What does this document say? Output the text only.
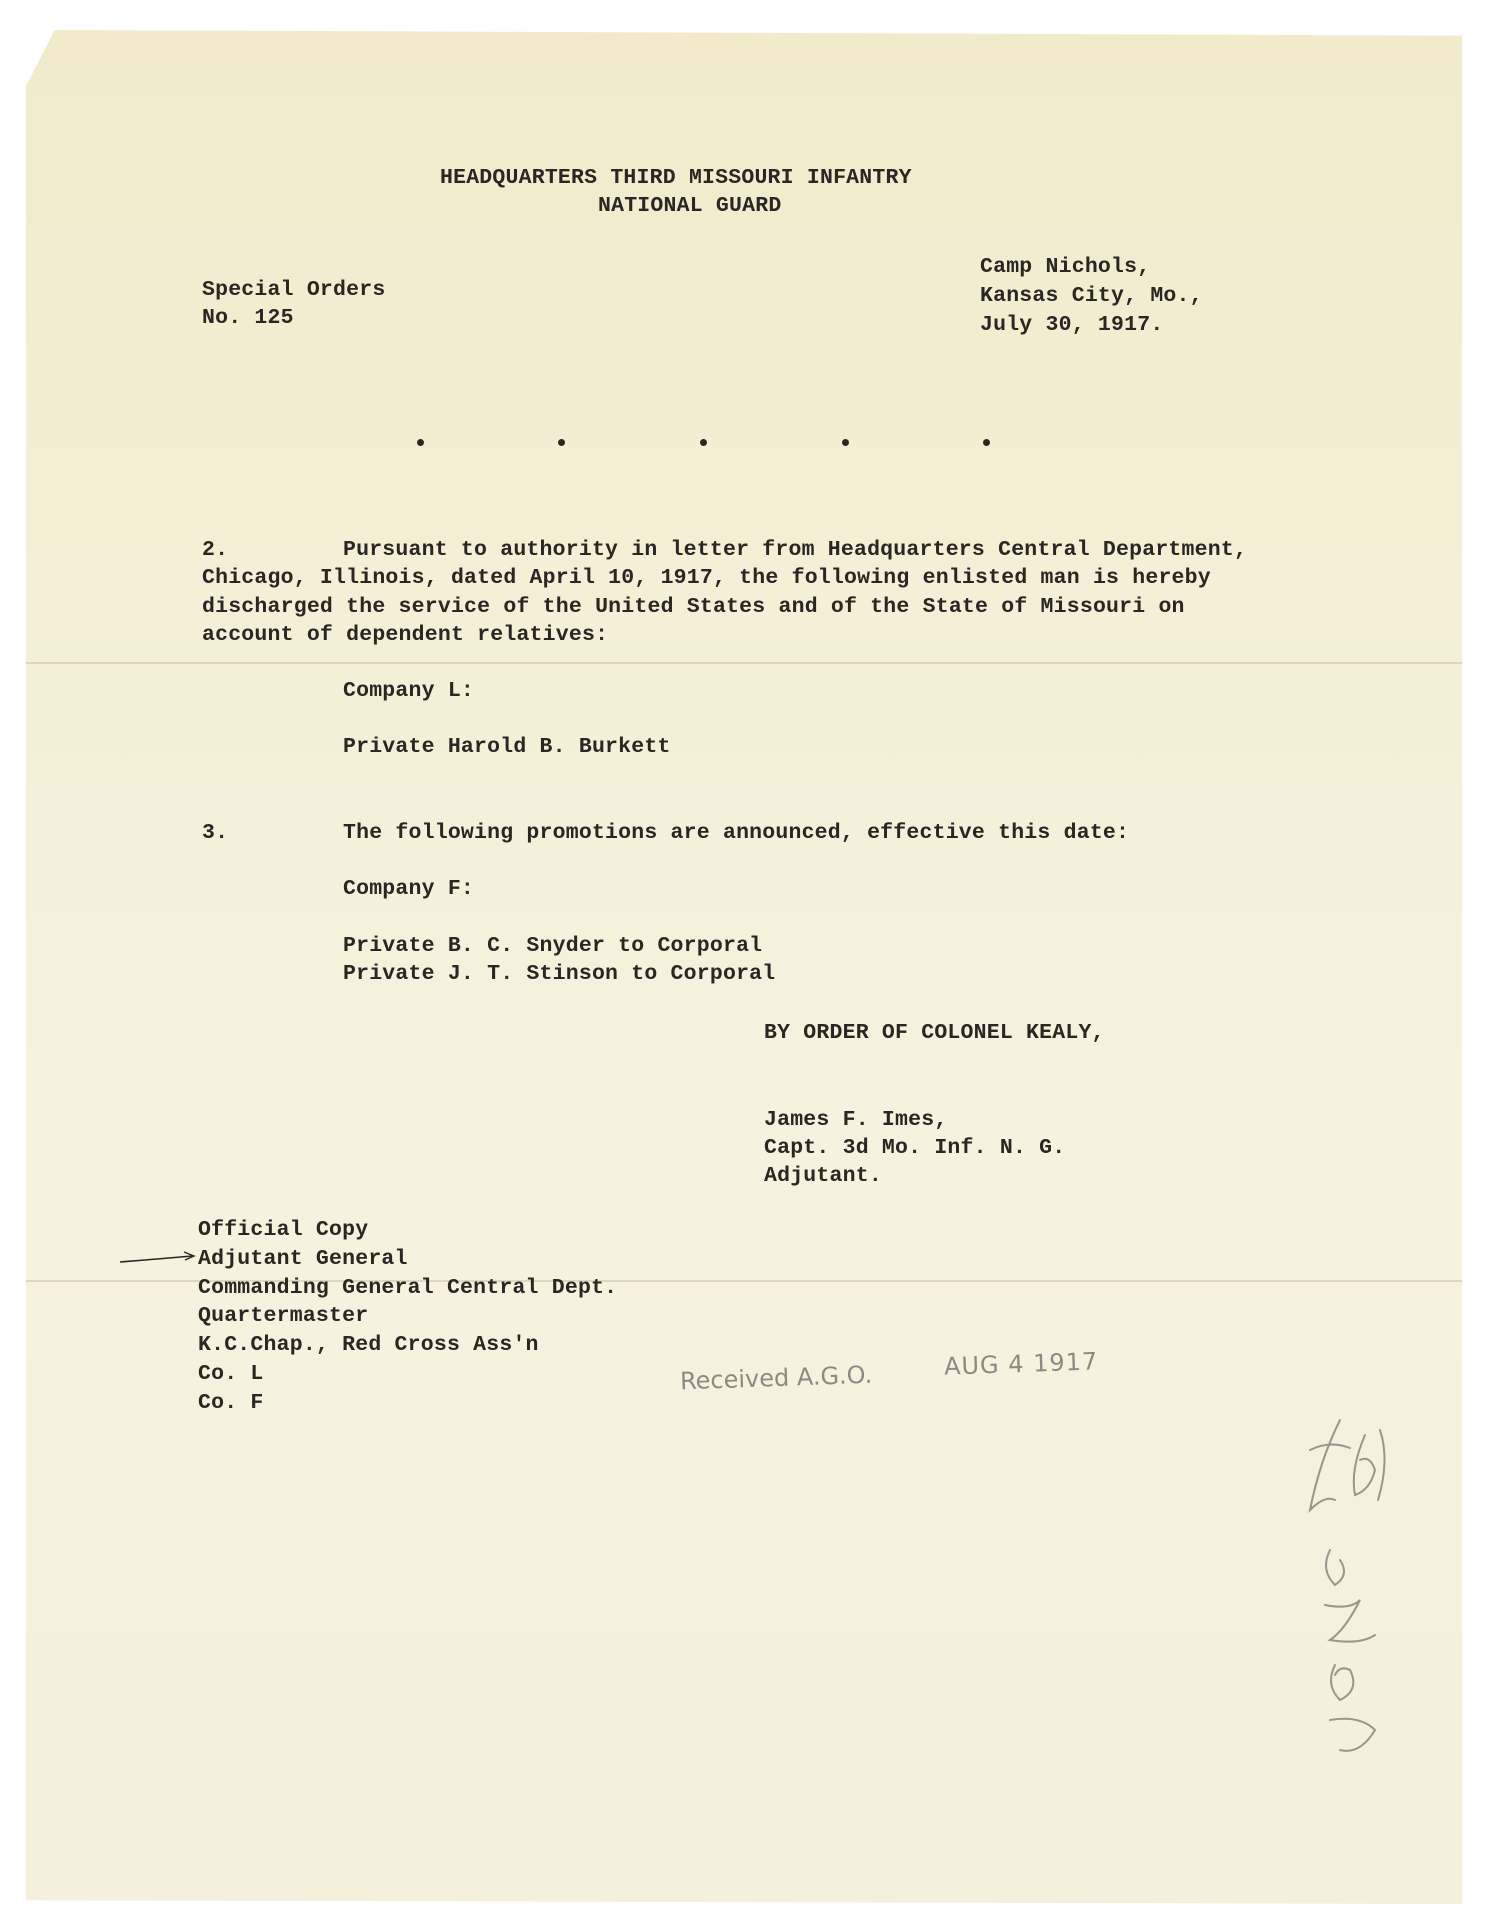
HEADQUARTERS THIRD MISSOURI INFANTRY
NATIONAL GUARD
Special Orders
No. 125
Camp Nichols,
Kansas City, Mo.,
July 30, 1917.
2.	Pursuant to authority in letter from Headquarters Central Department,
Chicago, Illinois, dated April 10, 1917, the following enlisted man is hereby
discharged the service of the United States and of the State of Missouri on
account of dependent relatives:
Company L:
Private Harold B. Burkett
3.	The following promotions are announced, effective this date:
Company F:
Private B. C. Snyder to Corporal
Private J. T. Stinson to Corporal
BY ORDER OF COLONEL KEALY,
James F. Imes,
Capt. 3d Mo. Inf. N. G.
Adjutant.
Official Copy
Adjutant General
Commanding General Central Dept.
Quartermaster
K.C.Chap., Red Cross Ass'n
Co. L
Co. F
Received A.G.O.	AUG 4 1917
